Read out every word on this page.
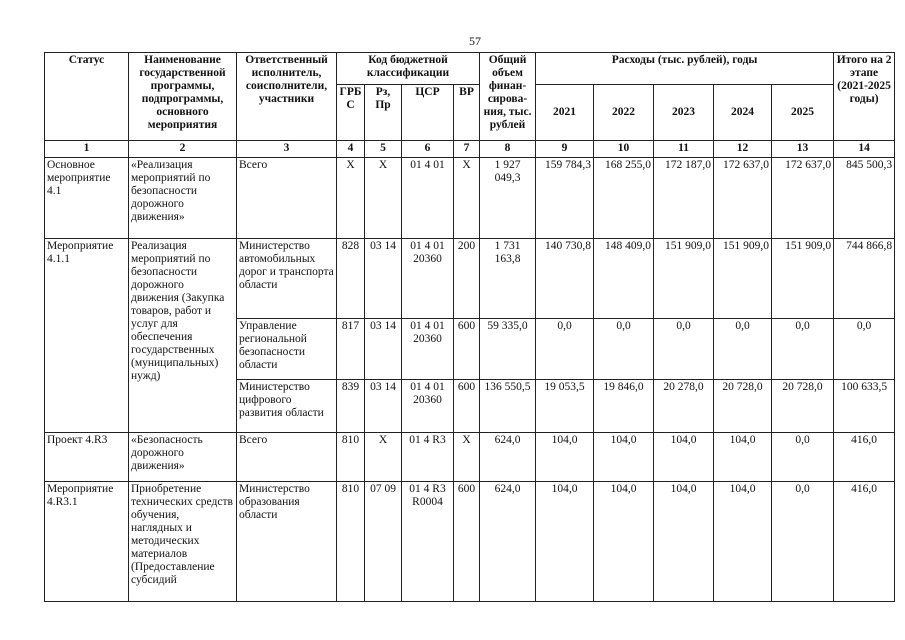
57
Статус	Наименование государственной программы, подпрограммы, основного мероприятия	Ответственный исполнитель, соисполнители, участники	Код бюджетной классификации				Общий объем финан-сирова-ния, тыс. рублей	Расходы (тыс. рублей), годы					Итого на 2 этапе (2021-2025 годы)
			ГРБ С	Рз, Пр	ЦСР	ВР		2021	2022	2023	2024	2025	
1	2	3	4	5	6	7	8	9	10	11	12	13	14
Основное мероприятие 4.1	«Реализация мероприятий по безопасности дорожного движения»	Всего	Х	Х	01 4 01	Х	1 927 049,3	159 784,3	168 255,0	172 187,0	172 637,0	172 637,0	845 500,3
Мероприятие 4.1.1	Реализация мероприятий по безопасности дорожного движения (Закупка товаров, работ и услуг для обеспечения государственных (муниципальных) нужд)	Министерство автомобильных дорог и транспорта области	828	03 14	01 4 01 20360	200	1 731 163,8	140 730,8	148 409,0	151 909,0	151 909,0	151 909,0	744 866,8
		Управление региональной безопасности области	817	03 14	01 4 01 20360	600	59 335,0	0,0	0,0	0,0	0,0	0,0	0,0
		Министерство цифрового развития области	839	03 14	01 4 01 20360	600	136 550,5	19 053,5	19 846,0	20 278,0	20 728,0	20 728,0	100 633,5
Проект 4.R3	«Безопасность дорожного движения»	Всего	810	Х	01 4 R3	Х	624,0	104,0	104,0	104,0	104,0	0,0	416,0
Мероприятие 4.R3.1	Приобретение технических средств обучения, наглядных и методических материалов (Предоставление субсидий	Министерство образования области	810	07 09	01 4 R3 R0004	600	624,0	104,0	104,0	104,0	104,0	0,0	416,0
